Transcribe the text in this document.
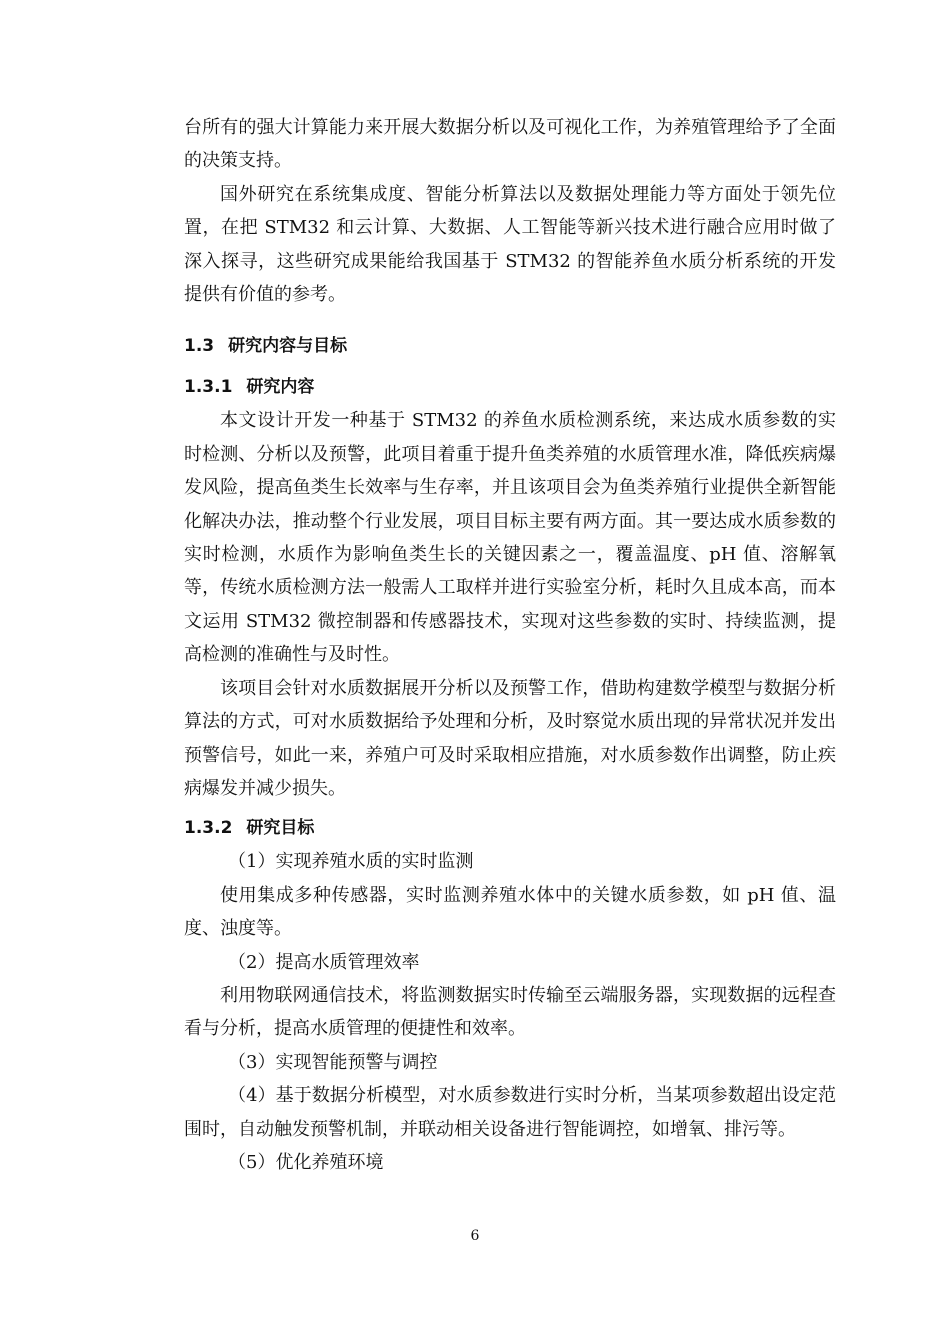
台所有的强大计算能力来开展大数据分析以及可视化工作，为养殖管理给予了全面的决策支持。

国外研究在系统集成度、智能分析算法以及数据处理能力等方面处于领先位置，在把 STM32 和云计算、大数据、人工智能等新兴技术进行融合应用时做了深入探寻，这些研究成果能给我国基于 STM32 的智能养鱼水质分析系统的开发提供有价值的参考。

1.3 研究内容与目标
1.3.1 研究内容

本文设计开发一种基于 STM32 的养鱼水质检测系统，来达成水质参数的实时检测、分析以及预警，此项目着重于提升鱼类养殖的水质管理水准，降低疾病爆发风险，提高鱼类生长效率与生存率，并且该项目会为鱼类养殖行业提供全新智能化解决办法，推动整个行业发展，项目目标主要有两方面。其一要达成水质参数的实时检测，水质作为影响鱼类生长的关键因素之一，覆盖温度、pH 值、溶解氧等，传统水质检测方法一般需人工取样并进行实验室分析，耗时久且成本高，而本文运用 STM32 微控制器和传感器技术，实现对这些参数的实时、持续监测，提高检测的准确性与及时性。

该项目会针对水质数据展开分析以及预警工作，借助构建数学模型与数据分析算法的方式，可对水质数据给予处理和分析，及时察觉水质出现的异常状况并发出预警信号，如此一来，养殖户可及时采取相应措施，对水质参数作出调整，防止疾病爆发并减少损失。

1.3.2 研究目标

（1）实现养殖水质的实时监测

使用集成多种传感器，实时监测养殖水体中的关键水质参数，如 pH 值、温度、浊度等。

（2）提高水质管理效率

利用物联网通信技术，将监测数据实时传输至云端服务器，实现数据的远程查看与分析，提高水质管理的便捷性和效率。

（3）实现智能预警与调控

（4）基于数据分析模型，对水质参数进行实时分析，当某项参数超出设定范围时，自动触发预警机制，并联动相关设备进行智能调控，如增氧、排污等。

（5）优化养殖环境

6
